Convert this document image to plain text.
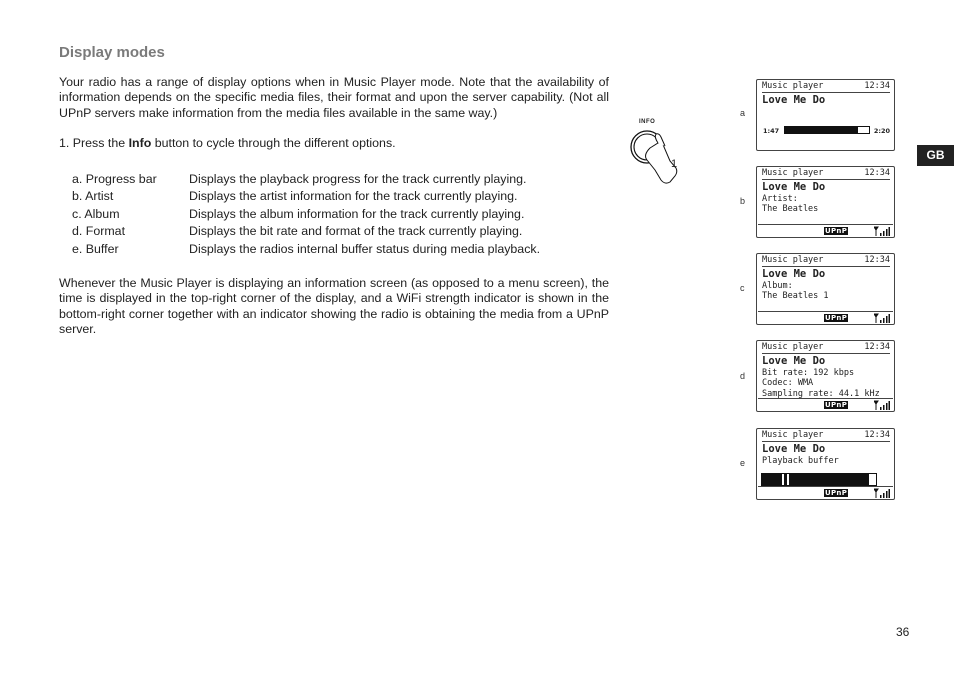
Display modes

Your radio has a range of display options when in Music Player mode. Note that the availability of information depends on the specific media files, their format and upon the server capability. (Not all UPnP servers make information from the media files available in the same way.)

1. Press the Info button to cycle through the different options.

a. Progress bar	Displays the playback progress for the track currently playing.
b. Artist	Displays the artist information for the track currently playing.
c. Album	Displays the album information for the track currently playing.
d. Format	Displays the bit rate and format of the track currently playing.
e. Buffer	Displays the radios internal buffer status during media playback.

Whenever the Music Player is displaying an information screen (as opposed to a menu screen), the time is displayed in the top-right corner of the display, and a WiFi strength indicator is shown in the bottom-right corner together with an indicator showing the radio is obtaining the media from a UPnP server.

INFO
1
a
Music player	12:34
Love Me Do
1:47	2:20
b
Music player	12:34
Love Me Do
Artist:
The Beatles
UPnP
c
Music player	12:34
Love Me Do
Album:
The Beatles 1
UPnP
d
Music player	12:34
Love Me Do
Bit rate: 192 kbps
Codec: WMA
Sampling rate: 44.1 kHz
UPnP
e
Music player	12:34
Love Me Do
Playback buffer
UPnP
GB
36
